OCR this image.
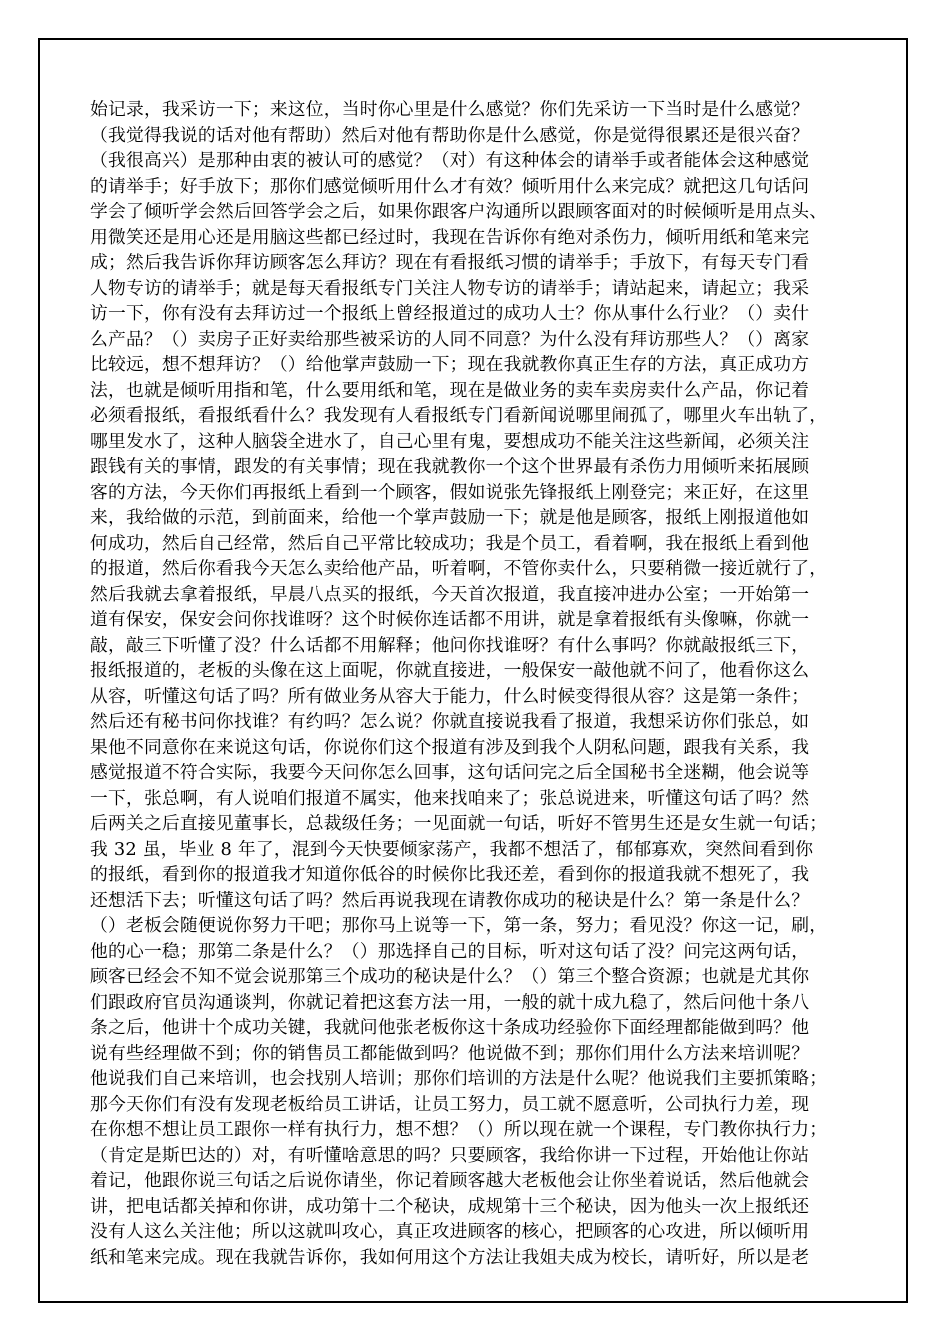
始记录，我采访一下；来这位，当时你心里是什么感觉？你们先采访一下当时是什么感觉？
（我觉得我说的话对他有帮助）然后对他有帮助你是什么感觉，你是觉得很累还是很兴奋？
（我很高兴）是那种由衷的被认可的感觉？（对）有这种体会的请举手或者能体会这种感觉
的请举手；好手放下；那你们感觉倾听用什么才有效？倾听用什么来完成？就把这几句话问
学会了倾听学会然后回答学会之后，如果你跟客户沟通所以跟顾客面对的时候倾听是用点头、
用微笑还是用心还是用脑这些都已经过时，我现在告诉你有绝对杀伤力，倾听用纸和笔来完
成；然后我告诉你拜访顾客怎么拜访？现在有看报纸习惯的请举手；手放下，有每天专门看
人物专访的请举手；就是每天看报纸专门关注人物专访的请举手；请站起来，请起立；我采
访一下，你有没有去拜访过一个报纸上曾经报道过的成功人士？你从事什么行业？（）卖什
么产品？（）卖房子正好卖给那些被采访的人同不同意？为什么没有拜访那些人？（）离家
比较远，想不想拜访？（）给他掌声鼓励一下；现在我就教你真正生存的方法，真正成功方
法，也就是倾听用指和笔，什么要用纸和笔，现在是做业务的卖车卖房卖什么产品，你记着
必须看报纸，看报纸看什么？我发现有人看报纸专门看新闻说哪里闹孤了，哪里火车出轨了，
哪里发水了，这种人脑袋全进水了，自己心里有鬼，要想成功不能关注这些新闻，必须关注
跟钱有关的事情，跟发的有关事情；现在我就教你一个这个世界最有杀伤力用倾听来拓展顾
客的方法，今天你们再报纸上看到一个顾客，假如说张先锋报纸上刚登完；来正好，在这里
来，我给做的示范，到前面来，给他一个掌声鼓励一下；就是他是顾客，报纸上刚报道他如
何成功，然后自己经常，然后自己平常比较成功；我是个员工，看着啊，我在报纸上看到他
的报道，然后你看我今天怎么卖给他产品，听着啊，不管你卖什么，只要稍微一接近就行了，
然后我就去拿着报纸，早晨八点买的报纸，今天首次报道，我直接冲进办公室；一开始第一
道有保安，保安会问你找谁呀？这个时候你连话都不用讲，就是拿着报纸有头像嘛，你就一
敲，敲三下听懂了没？什么话都不用解释；他问你找谁呀？有什么事吗？你就敲报纸三下，
报纸报道的，老板的头像在这上面呢，你就直接进，一般保安一敲他就不问了，他看你这么
从容，听懂这句话了吗？所有做业务从容大于能力，什么时候变得很从容？这是第一条件；
然后还有秘书问你找谁？有约吗？怎么说？你就直接说我看了报道，我想采访你们张总，如
果他不同意你在来说这句话，你说你们这个报道有涉及到我个人阴私问题，跟我有关系，我
感觉报道不符合实际，我要今天问你怎么回事，这句话问完之后全国秘书全迷糊，他会说等
一下，张总啊，有人说咱们报道不属实，他来找咱来了；张总说进来，听懂这句话了吗？然
后两关之后直接见董事长，总裁级任务；一见面就一句话，听好不管男生还是女生就一句话；
我 32 虽，毕业 8 年了，混到今天快要倾家荡产，我都不想活了，郁郁寡欢，突然间看到你
的报纸，看到你的报道我才知道你低谷的时候你比我还差，看到你的报道我就不想死了，我
还想活下去；听懂这句话了吗？然后再说我现在请教你成功的秘诀是什么？第一条是什么？
（）老板会随便说你努力干吧；那你马上说等一下，第一条，努力；看见没？你这一记，刷，
他的心一稳；那第二条是什么？（）那选择自己的目标，听对这句话了没？问完这两句话，
顾客已经会不知不觉会说那第三个成功的秘诀是什么？（）第三个整合资源；也就是尤其你
们跟政府官员沟通谈判，你就记着把这套方法一用，一般的就十成九稳了，然后问他十条八
条之后，他讲十个成功关键，我就问他张老板你这十条成功经验你下面经理都能做到吗？他
说有些经理做不到；你的销售员工都能做到吗？他说做不到；那你们用什么方法来培训呢？
他说我们自己来培训，也会找别人培训；那你们培训的方法是什么呢？他说我们主要抓策略；
那今天你们有没有发现老板给员工讲话，让员工努力，员工就不愿意听，公司执行力差，现
在你想不想让员工跟你一样有执行力，想不想？（）所以现在就一个课程，专门教你执行力；
（肯定是斯巴达的）对，有听懂啥意思的吗？只要顾客，我给你讲一下过程，开始他让你站
着记，他跟你说三句话之后说你请坐，你记着顾客越大老板他会让你坐着说话，然后他就会
讲，把电话都关掉和你讲，成功第十二个秘诀，成规第十三个秘诀，因为他头一次上报纸还
没有人这么关注他；所以这就叫攻心，真正攻进顾客的核心，把顾客的心攻进，所以倾听用
纸和笔来完成。现在我就告诉你，我如何用这个方法让我姐夫成为校长，请听好，所以是老
